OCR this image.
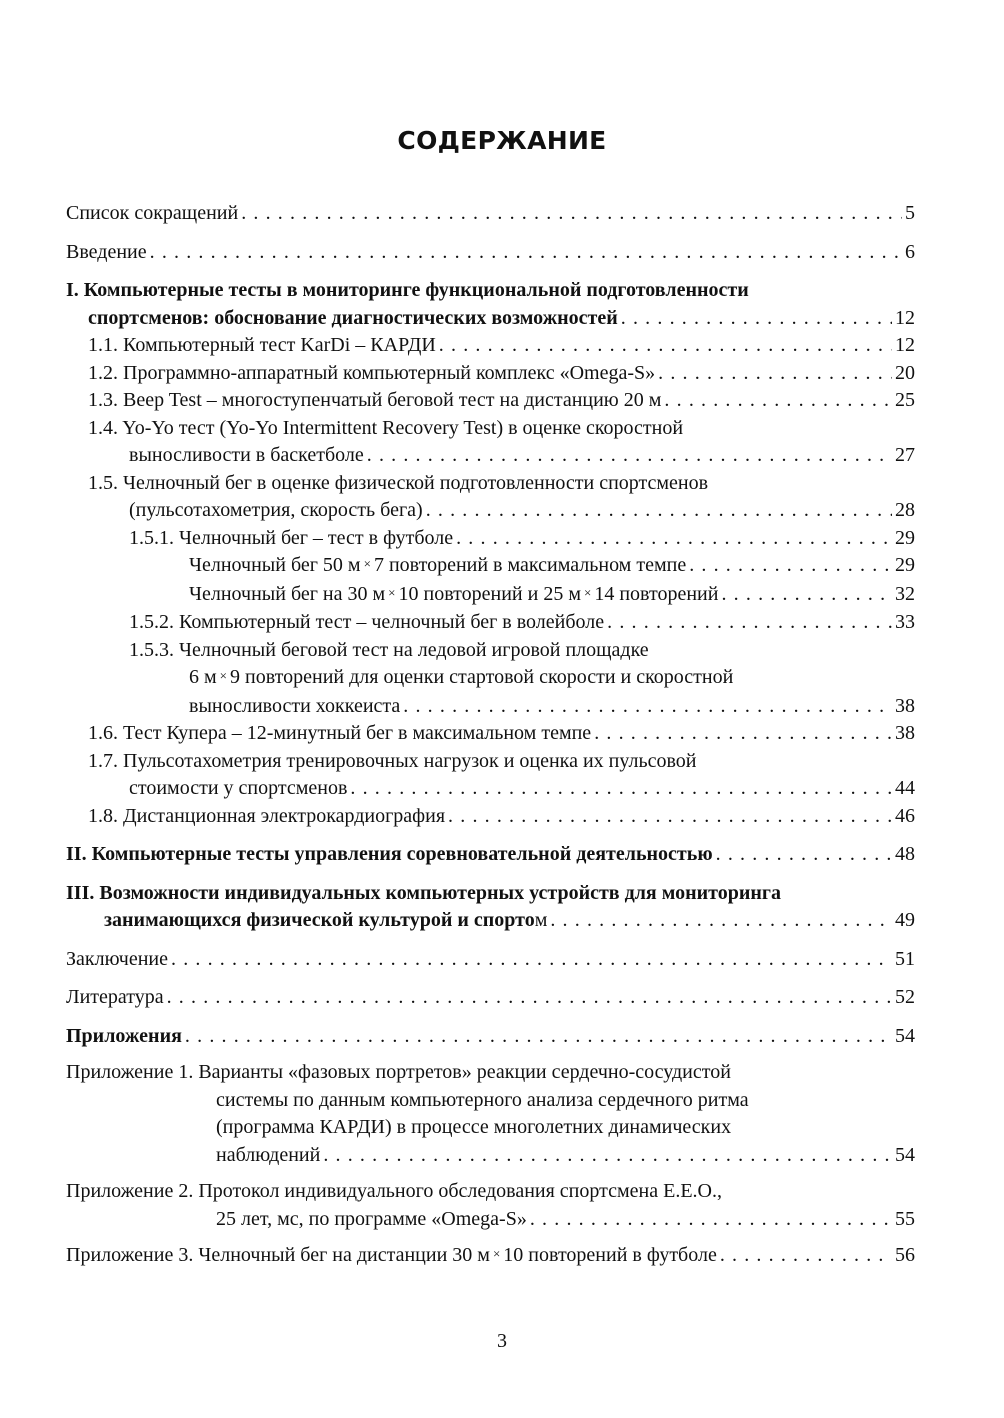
СОДЕРЖАНИЕ
Список сокращений . . .	5
Введение . . .	6
I. Компьютерные тесты в мониторинге функциональной подготовленности
спортсменов: обоснование диагностических возможностей . . .	12
1.1. Компьютерный тест KarDi – КАРДИ . . .	12
1.2. Программно-аппаратный компьютерный комплекс «Omega-S» . . .	20
1.3. Beep Test – многоступенчатый беговой тест на дистанцию 20 м . . .	25
1.4. Yo-Yo тест (Yo-Yo Intermittent Recovery Test) в оценке скоростной
выносливости в баскетболе . . .	27
1.5. Челночный бег в оценке физической подготовленности спортсменов
(пульсотахометрия, скорость бега) . . .	28
1.5.1. Челночный бег – тест в футболе . . .	29
Челночный бег 50 м × 7 повторений в максимальном темпе . . .	29
Челночный бег на 30 м × 10 повторений и 25 м × 14 повторений . . .	32
1.5.2. Компьютерный тест – челночный бег в волейболе . . .	33
1.5.3. Челночный беговой тест на ледовой игровой площадке
6 м × 9 повторений для оценки стартовой скорости и скоростной
выносливости хоккеиста . . .	38
1.6. Тест Купера – 12-минутный бег в максимальном темпе . . .	38
1.7. Пульсотахометрия тренировочных нагрузок и оценка их пульсовой
стоимости у спортсменов . . .	44
1.8. Дистанционная электрокардиография . . .	46
II. Компьютерные тесты управления соревновательной деятельностью . . .	48
III. Возможности индивидуальных компьютерных устройств для мониторинга
занимающихся физической культурой и спортом . . .	49
Заключение . . .	51
Литература . . .	52
Приложения . . .	54
Приложение 1. Варианты «фазовых портретов» реакции сердечно-сосудистой
системы по данным компьютерного анализа сердечного ритма
(программа КАРДИ) в процессе многолетних динамических
наблюдений . . .	54
Приложение 2. Протокол индивидуального обследования спортсмена Е.Е.О.,
25 лет, мс, по программе «Omega-S» . . .	55
Приложение 3. Челночный бег на дистанции 30 м × 10 повторений в футболе . . .	56
3
